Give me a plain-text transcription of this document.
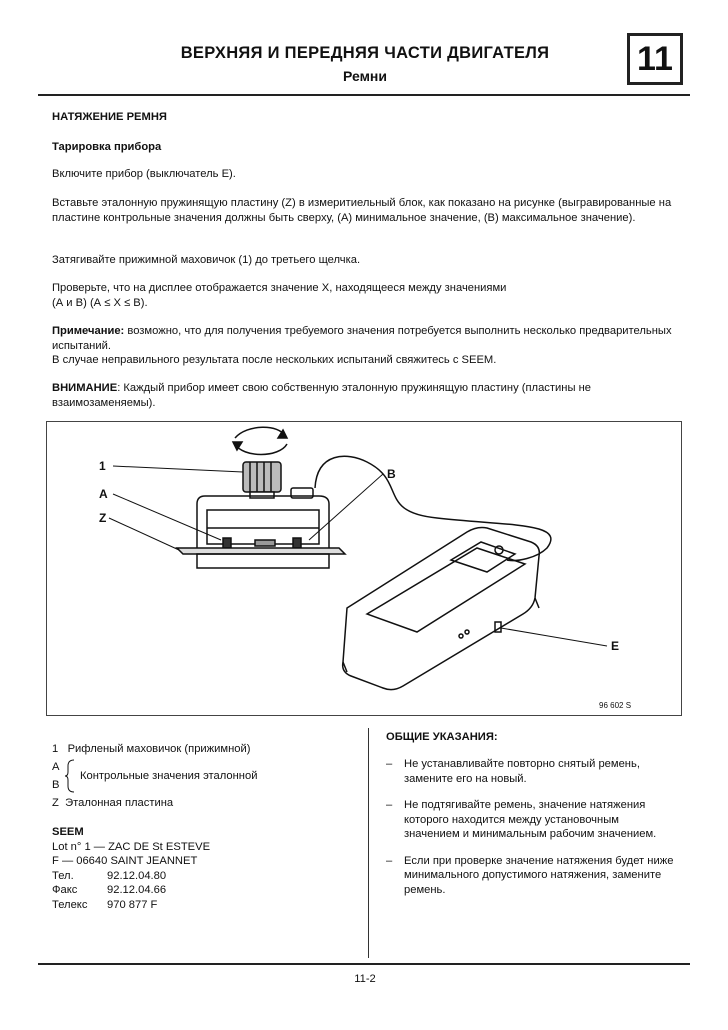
ВЕРХНЯЯ И ПЕРЕДНЯЯ ЧАСТИ ДВИГАТЕЛЯ
Ремни	11
НАТЯЖЕНИЕ РЕМНЯ
Тарировка прибора
Включите прибор (выключатель Е).
Вставьте эталонную пружинящую пластину (Z) в измеритиельный блок, как показано на рисунке (выгравированные на пластине контрольные значения должны быть сверху, (А) минимальное значение, (В) максимальное значение).
Затягивайте прижимной маховичок (1) до третьего щелчка.
Проверьте, что на дисплее отображается значение X, находящееся между значениями
(А и В) (А ≤ X ≤ В).
Примечание: возможно, что для получения требуемого значения потребуется выполнить несколько предварительных испытаний.
В случае неправильного результата после нескольких испытаний свяжитесь с SEEM.
ВНИМАНИЕ: Каждый прибор имеет свою собственную эталонную пружинящую пластину (пластины не взаимозаменяемы).
1
A
Z
B
E
96 602 S
1 Рифленый маховичок (прижимной)
А
В
Контрольные значения эталонной
Z Эталонная пластина
SEEM
Lot n° 1 — ZAC DE St ESTEVE
F — 06640 SAINT JEANNET
Тел.	92.12.04.80
Факс	92.12.04.66
Телекс 970 877 F
ОБЩИЕ УКАЗАНИЯ:
– Не устанавливайте повторно снятый ремень, замените его на новый.
– Не подтягивайте ремень, значение натяжения которого находится между установочным значением и минимальным рабочим значением.
– Если при проверке значение натяжения будет ниже минимального допустимого натяжения, замените ремень.
11-2
